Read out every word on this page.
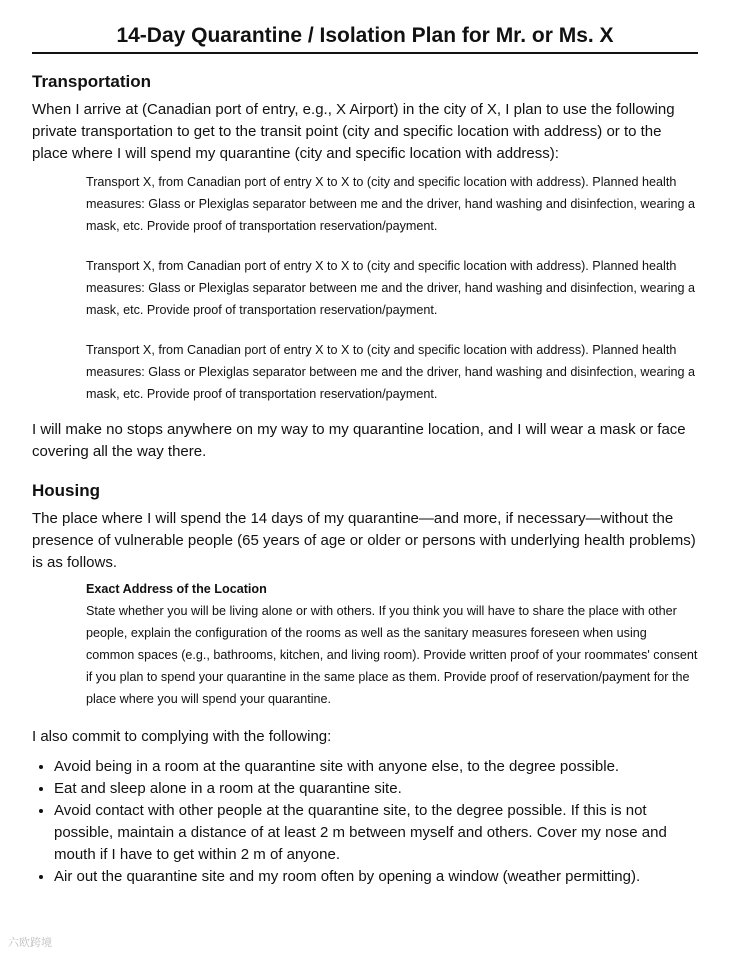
14-Day Quarantine / Isolation Plan for Mr. or Ms. X
Transportation
When I arrive at (Canadian port of entry, e.g., X Airport) in the city of X, I plan to use the following private transportation to get to the transit point (city and specific location with address) or to the place where I will spend my quarantine (city and specific location with address):
Transport X, from Canadian port of entry X to X to (city and specific location with address). Planned health measures: Glass or Plexiglas separator between me and the driver, hand washing and disinfection, wearing a mask, etc. Provide proof of transportation reservation/payment.
Transport X, from Canadian port of entry X to X to (city and specific location with address). Planned health measures: Glass or Plexiglas separator between me and the driver, hand washing and disinfection, wearing a mask, etc. Provide proof of transportation reservation/payment.
Transport X, from Canadian port of entry X to X to (city and specific location with address). Planned health measures: Glass or Plexiglas separator between me and the driver, hand washing and disinfection, wearing a mask, etc. Provide proof of transportation reservation/payment.
I will make no stops anywhere on my way to my quarantine location, and I will wear a mask or face covering all the way there.
Housing
The place where I will spend the 14 days of my quarantine—and more, if necessary—without the presence of vulnerable people (65 years of age or older or persons with underlying health problems) is as follows.
Exact Address of the Location
State whether you will be living alone or with others. If you think you will have to share the place with other people, explain the configuration of the rooms as well as the sanitary measures foreseen when using common spaces (e.g., bathrooms, kitchen, and living room). Provide written proof of your roommates' consent if you plan to spend your quarantine in the same place as them. Provide proof of reservation/payment for the place where you will spend your quarantine.
I also commit to complying with the following:
• Avoid being in a room at the quarantine site with anyone else, to the degree possible.
• Eat and sleep alone in a room at the quarantine site.
• Avoid contact with other people at the quarantine site, to the degree possible. If this is not possible, maintain a distance of at least 2 m between myself and others. Cover my nose and mouth if I have to get within 2 m of anyone.
• Air out the quarantine site and my room often by opening a window (weather permitting).
六欧跨境
